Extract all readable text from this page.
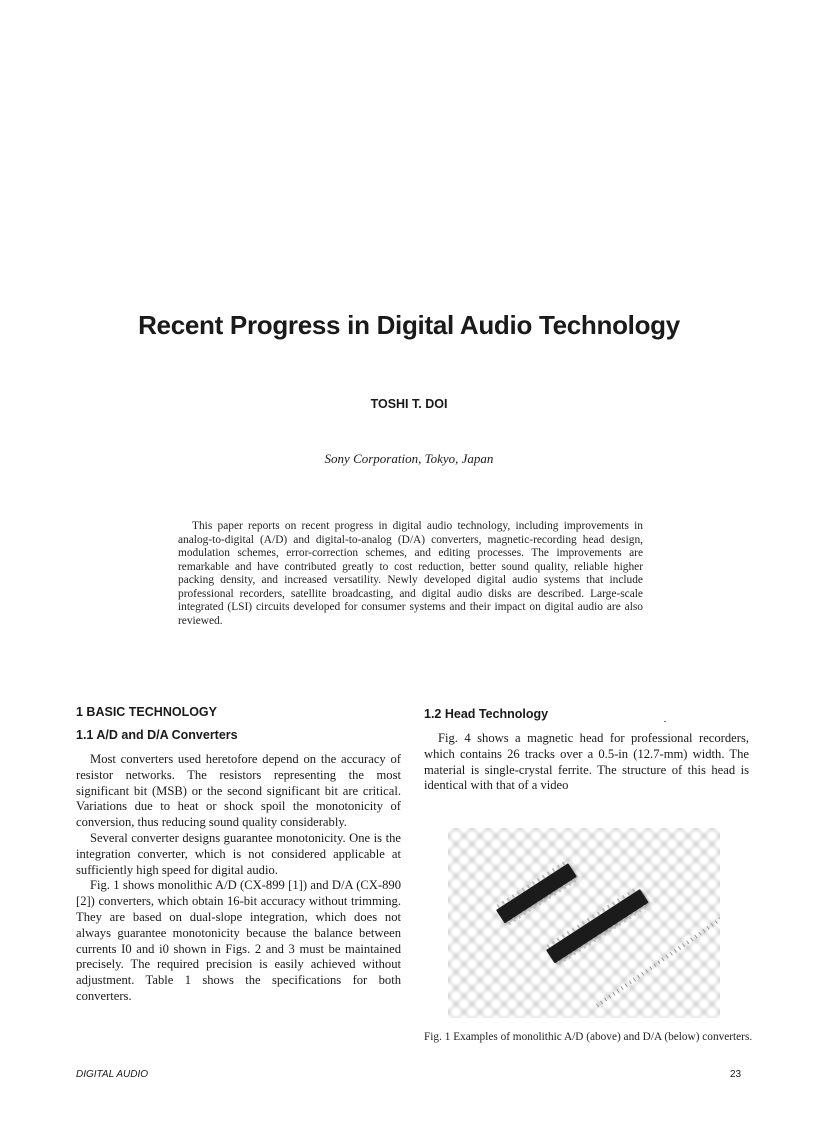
Recent Progress in Digital Audio Technology
TOSHI T. DOI
Sony Corporation, Tokyo, Japan

This paper reports on recent progress in digital audio technology, including improvements in analog-to-digital (A/D) and digital-to-analog (D/A) converters, magnetic-recording head design, modulation schemes, error-correction schemes, and editing processes. The improvements are remarkable and have contributed greatly to cost reduction, better sound quality, reliable higher packing density, and increased versatility. Newly developed digital audio systems that include professional recorders, satellite broadcasting, and digital audio disks are described. Large-scale integrated (LSI) circuits developed for consumer systems and their impact on digital audio are also reviewed.

1 BASIC TECHNOLOGY
1.1 A/D and D/A Converters

Most converters used heretofore depend on the accuracy of resistor networks. The resistors representing the most significant bit (MSB) or the second significant bit are critical. Variations due to heat or shock spoil the monotonicity of conversion, thus reducing sound quality considerably.

Several converter designs guarantee monotonicity. One is the integration converter, which is not considered applicable at sufficiently high speed for digital audio.

Fig. 1 shows monolithic A/D (CX-899 [1]) and D/A (CX-890 [2]) converters, which obtain 16-bit accuracy without trimming. They are based on dual-slope integration, which does not always guarantee monotonicity because the balance between currents I0 and i0 shown in Figs. 2 and 3 must be maintained precisely. The required precision is easily achieved without adjustment. Table 1 shows the specifications for both converters.

1.2 Head Technology

Fig. 4 shows a magnetic head for professional recorders, which contains 26 tracks over a 0.5-in (12.7-mm) width. The material is single-crystal ferrite. The structure of this head is identical with that of a video

Fig. 1 Examples of monolithic A/D (above) and D/A (below) converters.

DIGITAL AUDIO	23
